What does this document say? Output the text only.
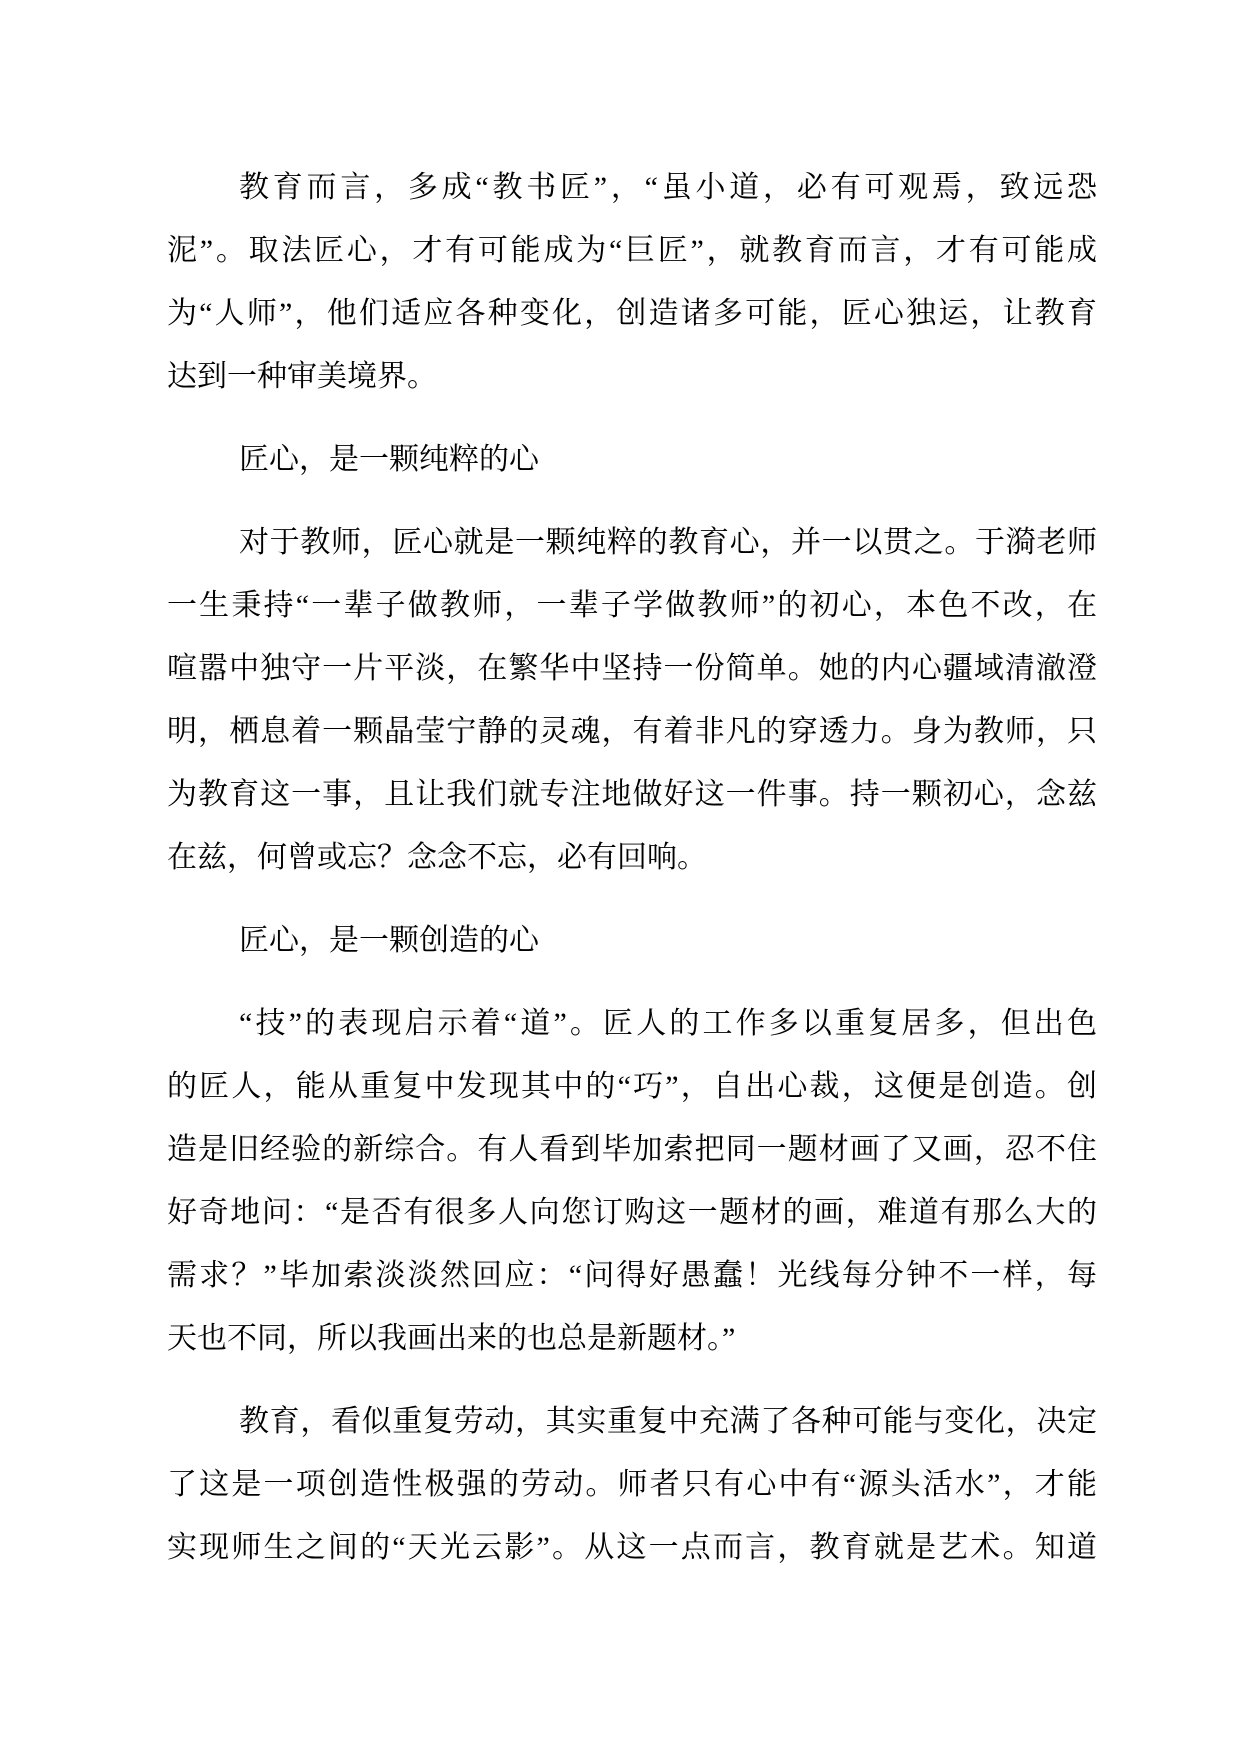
教育而言，多成“教书匠”，“虽小道，必有可观焉，致远恐
泥”。取法匠心，才有可能成为“巨匠”，就教育而言，才有可能成
为“人师”，他们适应各种变化，创造诸多可能，匠心独运，让教育
达到一种审美境界。

匠心，是一颗纯粹的心

对于教师，匠心就是一颗纯粹的教育心，并一以贯之。于漪老师
一生秉持“一辈子做教师，一辈子学做教师”的初心，本色不改，在
喧嚣中独守一片平淡，在繁华中坚持一份简单。她的内心疆域清澈澄
明，栖息着一颗晶莹宁静的灵魂，有着非凡的穿透力。身为教师，只
为教育这一事，且让我们就专注地做好这一件事。持一颗初心，念兹
在兹，何曾或忘？念念不忘，必有回响。

匠心，是一颗创造的心

“技”的表现启示着“道”。匠人的工作多以重复居多，但出色
的匠人，能从重复中发现其中的“巧”，自出心裁，这便是创造。创
造是旧经验的新综合。有人看到毕加索把同一题材画了又画，忍不住
好奇地问：“是否有很多人向您订购这一题材的画，难道有那么大的
需求？”毕加索淡淡然回应：“问得好愚蠢！光线每分钟不一样，每
天也不同，所以我画出来的也总是新题材。”

教育，看似重复劳动，其实重复中充满了各种可能与变化，决定
了这是一项创造性极强的劳动。师者只有心中有“源头活水”，才能
实现师生之间的“天光云影”。从这一点而言，教育就是艺术。知道
